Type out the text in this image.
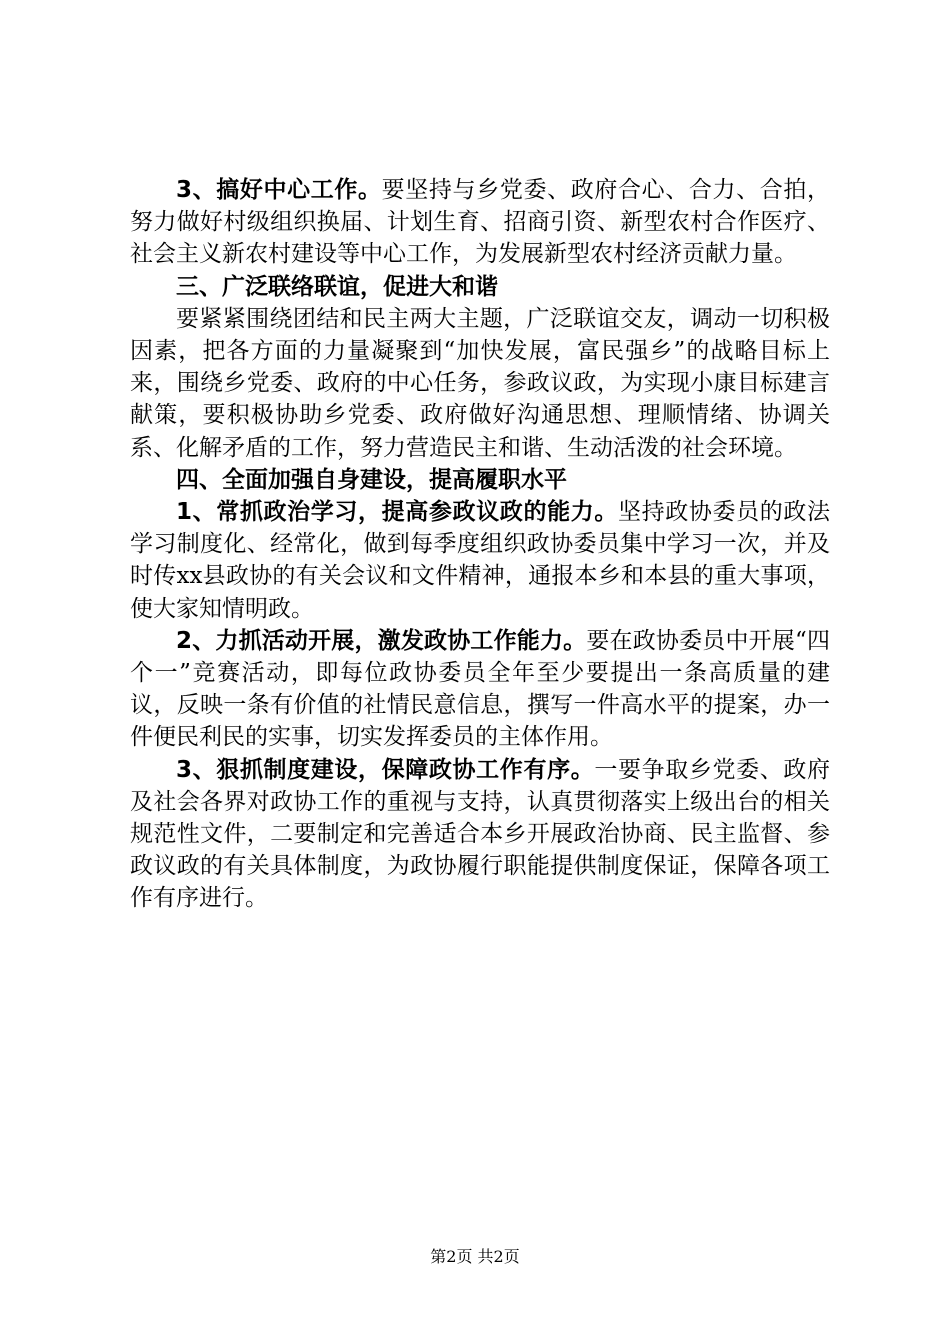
3、搞好中心工作。要坚持与乡党委、政府合心、合力、合拍，努力做好村级组织换届、计划生育、招商引资、新型农村合作医疗、社会主义新农村建设等中心工作，为发展新型农村经济贡献力量。

三、广泛联络联谊，促进大和谐

要紧紧围绕团结和民主两大主题，广泛联谊交友，调动一切积极因素，把各方面的力量凝聚到“加快发展，富民强乡”的战略目标上来，围绕乡党委、政府的中心任务，参政议政，为实现小康目标建言献策，要积极协助乡党委、政府做好沟通思想、理顺情绪、协调关系、化解矛盾的工作，努力营造民主和谐、生动活泼的社会环境。

四、全面加强自身建设，提高履职水平

1、常抓政治学习，提高参政议政的能力。坚持政协委员的政法学习制度化、经常化，做到每季度组织政协委员集中学习一次，并及时传xx县政协的有关会议和文件精神，通报本乡和本县的重大事项，使大家知情明政。

2、力抓活动开展，激发政协工作能力。要在政协委员中开展“四个一”竞赛活动，即每位政协委员全年至少要提出一条高质量的建议，反映一条有价值的社情民意信息，撰写一件高水平的提案，办一件便民利民的实事，切实发挥委员的主体作用。

3、狠抓制度建设，保障政协工作有序。一要争取乡党委、政府及社会各界对政协工作的重视与支持，认真贯彻落实上级出台的相关规范性文件，二要制定和完善适合本乡开展政治协商、民主监督、参政议政的有关具体制度，为政协履行职能提供制度保证，保障各项工作有序进行。

第2页 共2页
